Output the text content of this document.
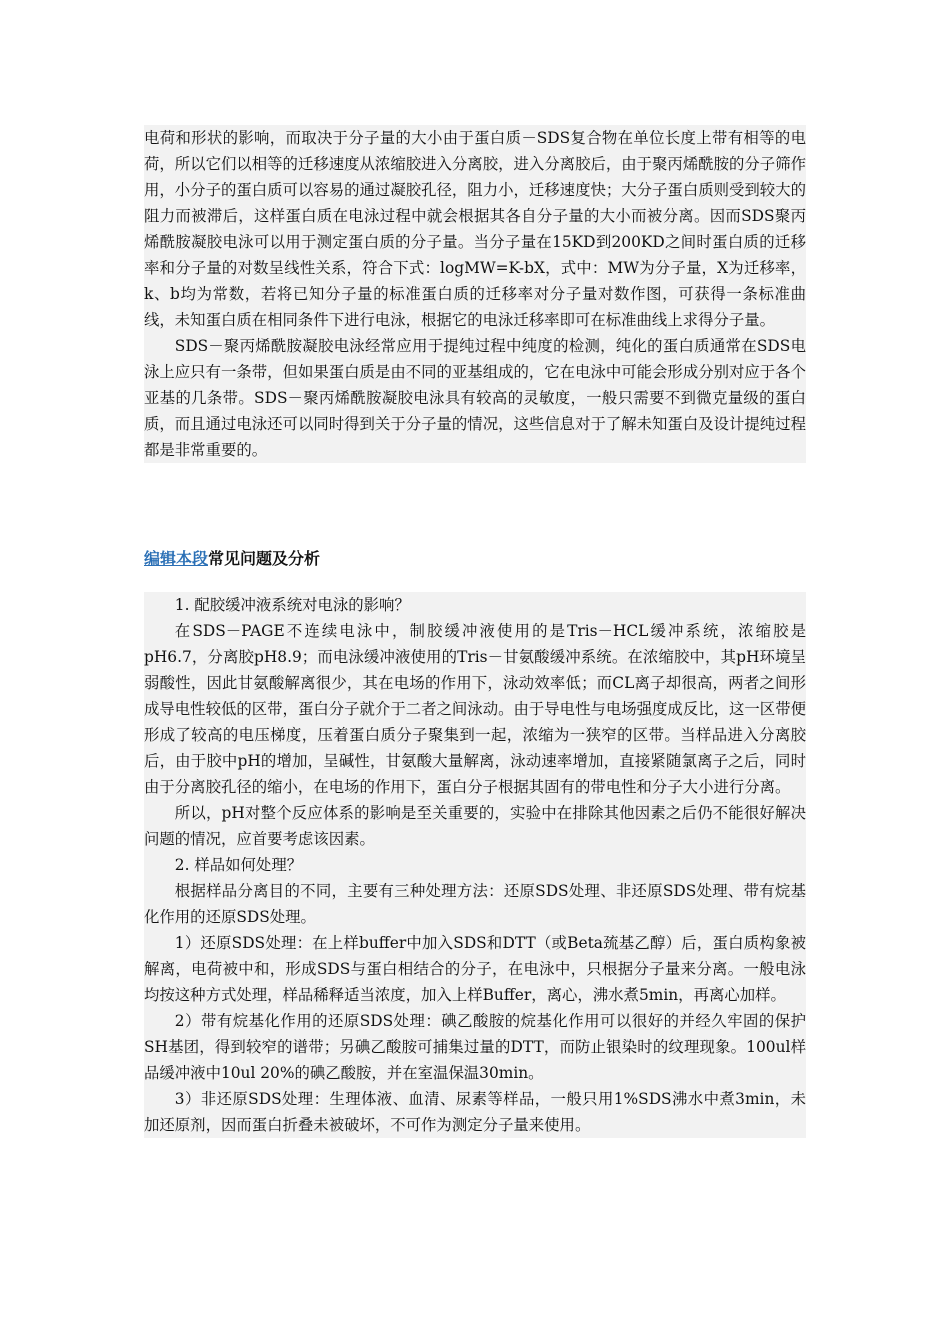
电荷和形状的影响，而取决于分子量的大小由于蛋白质－SDS复合物在单位长度上带有相等的电荷，所以它们以相等的迁移速度从浓缩胶进入分离胶，进入分离胶后，由于聚丙烯酰胺的分子筛作用，小分子的蛋白质可以容易的通过凝胶孔径，阻力小，迁移速度快；大分子蛋白质则受到较大的阻力而被滞后，这样蛋白质在电泳过程中就会根据其各自分子量的大小而被分离。因而SDS聚丙烯酰胺凝胶电泳可以用于测定蛋白质的分子量。当分子量在15KD到200KD之间时蛋白质的迁移率和分子量的对数呈线性关系，符合下式：logMW=K-bX，式中：MW为分子量，X为迁移率，k、b均为常数，若将已知分子量的标准蛋白质的迁移率对分子量对数作图，可获得一条标准曲线，未知蛋白质在相同条件下进行电泳，根据它的电泳迁移率即可在标准曲线上求得分子量。

SDS－聚丙烯酰胺凝胶电泳经常应用于提纯过程中纯度的检测，纯化的蛋白质通常在SDS电泳上应只有一条带，但如果蛋白质是由不同的亚基组成的，它在电泳中可能会形成分别对应于各个亚基的几条带。SDS－聚丙烯酰胺凝胶电泳具有较高的灵敏度，一般只需要不到微克量级的蛋白质，而且通过电泳还可以同时得到关于分子量的情况，这些信息对于了解未知蛋白及设计提纯过程都是非常重要的。

编辑本段常见问题及分析

1. 配胶缓冲液系统对电泳的影响？

在SDS－PAGE不连续电泳中，制胶缓冲液使用的是Tris－HCL缓冲系统，浓缩胶是pH6.7，分离胶pH8.9；而电泳缓冲液使用的Tris－甘氨酸缓冲系统。在浓缩胶中，其pH环境呈弱酸性，因此甘氨酸解离很少，其在电场的作用下，泳动效率低；而CL离子却很高，两者之间形成导电性较低的区带，蛋白分子就介于二者之间泳动。由于导电性与电场强度成反比，这一区带便形成了较高的电压梯度，压着蛋白质分子聚集到一起，浓缩为一狭窄的区带。当样品进入分离胶后，由于胶中pH的增加，呈碱性，甘氨酸大量解离，泳动速率增加，直接紧随氯离子之后，同时由于分离胶孔径的缩小，在电场的作用下，蛋白分子根据其固有的带电性和分子大小进行分离。

所以，pH对整个反应体系的影响是至关重要的，实验中在排除其他因素之后仍不能很好解决问题的情况，应首要考虑该因素。

2. 样品如何处理？

根据样品分离目的不同，主要有三种处理方法：还原SDS处理、非还原SDS处理、带有烷基化作用的还原SDS处理。

1）还原SDS处理：在上样buffer中加入SDS和DTT（或Beta巯基乙醇）后，蛋白质构象被解离，电荷被中和，形成SDS与蛋白相结合的分子，在电泳中，只根据分子量来分离。一般电泳均按这种方式处理，样品稀释适当浓度，加入上样Buffer，离心，沸水煮5min，再离心加样。

2）带有烷基化作用的还原SDS处理：碘乙酸胺的烷基化作用可以很好的并经久牢固的保护SH基团，得到较窄的谱带；另碘乙酸胺可捕集过量的DTT，而防止银染时的纹理现象。100ul样品缓冲液中10ul 20%的碘乙酸胺，并在室温保温30min。

3）非还原SDS处理：生理体液、血清、尿素等样品，一般只用1%SDS沸水中煮3min，未加还原剂，因而蛋白折叠未被破坏，不可作为测定分子量来使用。
